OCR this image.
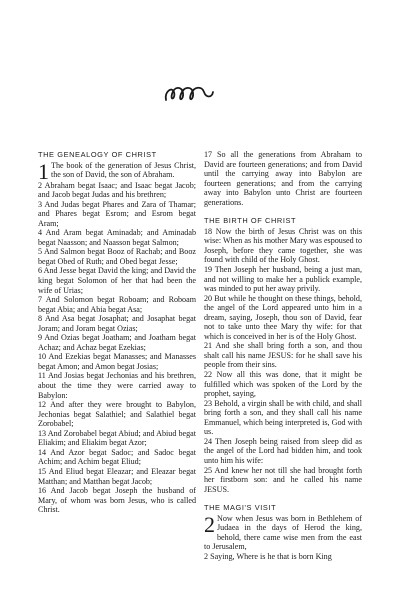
THE GENEALOGY OF CHRIST

1 The book of the generation of Jesus Christ, the son of David, the son of Abraham.

2 Abraham begat Isaac; and Isaac begat Jacob; and Jacob begat Judas and his brethren;

3 And Judas begat Phares and Zara of Thamar; and Phares begat Esrom; and Esrom begat Aram;

4 And Aram begat Aminadab; and Aminadab begat Naasson; and Naasson begat Salmon;

5 And Salmon begat Booz of Rachab; and Booz begat Obed of Ruth; and Obed begat Jesse;

6 And Jesse begat David the king; and David the king begat Solomon of her that had been the wife of Urias;

7 And Solomon begat Roboam; and Roboam begat Abia; and Abia begat Asa;

8 And Asa begat Josaphat; and Josaphat begat Joram; and Joram begat Ozias;

9 And Ozias begat Joatham; and Joatham begat Achaz; and Achaz begat Ezekias;

10 And Ezekias begat Manasses; and Manasses begat Amon; and Amon begat Josias;

11 And Josias begat Jechonias and his brethren, about the time they were carried away to Babylon:

12 And after they were brought to Babylon, Jechonias begat Salathiel; and Salathiel begat Zorobabel;

13 And Zorobabel begat Abiud; and Abiud begat Eliakim; and Eliakim begat Azor;

14 And Azor begat Sadoc; and Sadoc begat Achim; and Achim begat Eliud;

15 And Eliud begat Eleazar; and Eleazar begat Matthan; and Matthan begat Jacob;

16 And Jacob begat Joseph the husband of Mary, of whom was born Jesus, who is called Christ.

17 So all the generations from Abraham to David are fourteen generations; and from David until the carrying away into Babylon are fourteen generations; and from the carrying away into Babylon unto Christ are fourteen generations.

THE BIRTH OF CHRIST

18 Now the birth of Jesus Christ was on this wise: When as his mother Mary was espoused to Joseph, before they came together, she was found with child of the Holy Ghost.

19 Then Joseph her husband, being a just man, and not willing to make her a publick example, was minded to put her away privily.

20 But while he thought on these things, behold, the angel of the Lord appeared unto him in a dream, saying, Joseph, thou son of David, fear not to take unto thee Mary thy wife: for that which is conceived in her is of the Holy Ghost.

21 And she shall bring forth a son, and thou shalt call his name JESUS: for he shall save his people from their sins.

22 Now all this was done, that it might be fulfilled which was spoken of the Lord by the prophet, saying,

23 Behold, a virgin shall be with child, and shall bring forth a son, and they shall call his name Emmanuel, which being interpreted is, God with us.

24 Then Joseph being raised from sleep did as the angel of the Lord had bidden him, and took unto him his wife:

25 And knew her not till she had brought forth her firstborn son: and he called his name JESUS.

THE MAGI'S VISIT

2 Now when Jesus was born in Bethlehem of Judaea in the days of Herod the king, behold, there came wise men from the east to Jerusalem,

2 Saying, Where is he that is born King
